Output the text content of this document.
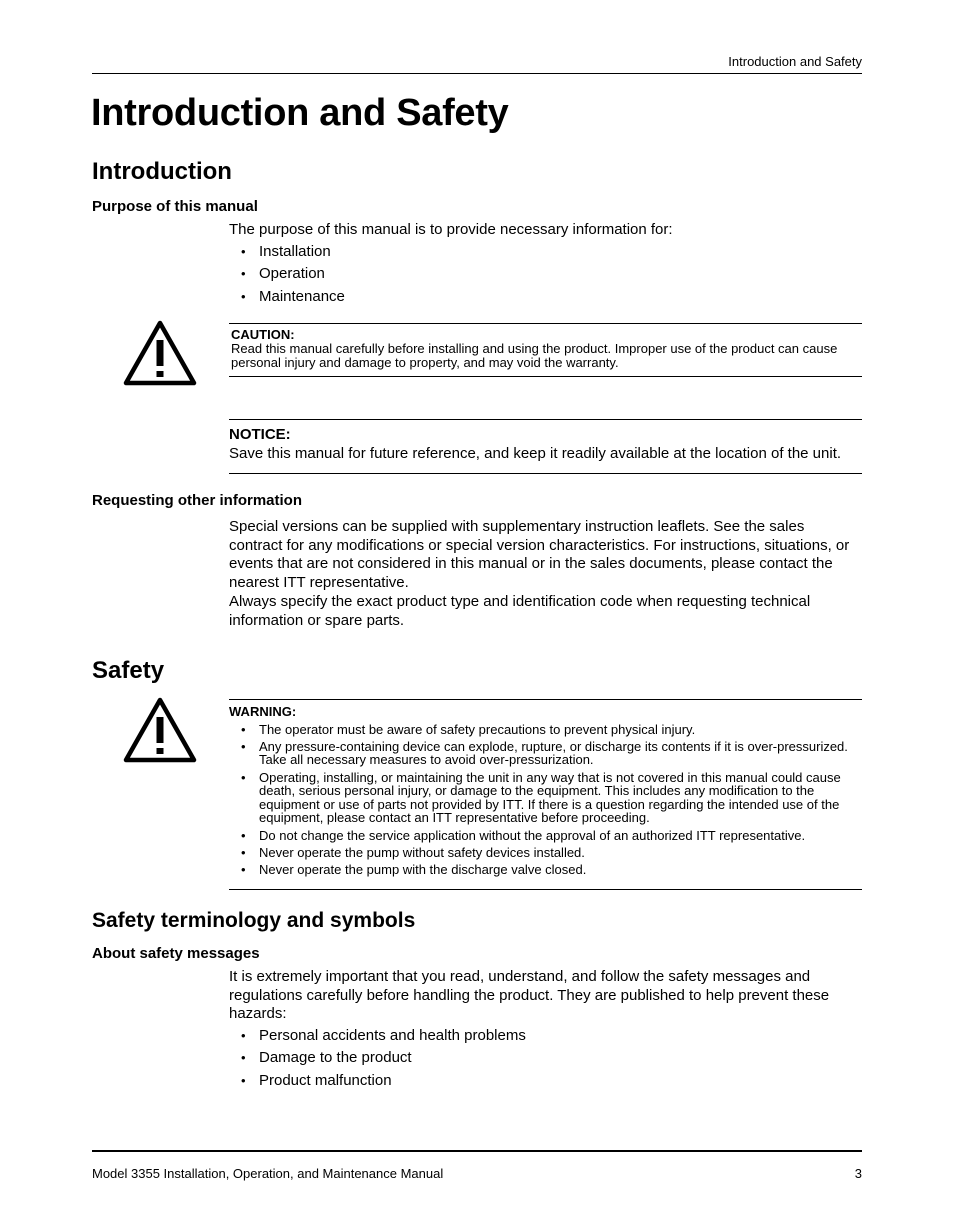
Introduction and Safety
Introduction and Safety
Introduction
Purpose of this manual
The purpose of this manual is to provide necessary information for:
• Installation
• Operation
• Maintenance
CAUTION:
Read this manual carefully before installing and using the product. Improper use of the product can cause personal injury and damage to property, and may void the warranty.
NOTICE:
Save this manual for future reference, and keep it readily available at the location of the unit.
Requesting other information
Special versions can be supplied with supplementary instruction leaflets. See the sales contract for any modifications or special version characteristics. For instructions, situations, or events that are not considered in this manual or in the sales documents, please contact the nearest ITT representative.
Always specify the exact product type and identification code when requesting technical information or spare parts.
Safety
WARNING:
• The operator must be aware of safety precautions to prevent physical injury.
• Any pressure-containing device can explode, rupture, or discharge its contents if it is over-pressurized. Take all necessary measures to avoid over-pressurization.
• Operating, installing, or maintaining the unit in any way that is not covered in this manual could cause death, serious personal injury, or damage to the equipment. This includes any modification to the equipment or use of parts not provided by ITT. If there is a question regarding the intended use of the equipment, please contact an ITT representative before proceeding.
• Do not change the service application without the approval of an authorized ITT representative.
• Never operate the pump without safety devices installed.
• Never operate the pump with the discharge valve closed.
Safety terminology and symbols
About safety messages
It is extremely important that you read, understand, and follow the safety messages and regulations carefully before handling the product. They are published to help prevent these hazards:
• Personal accidents and health problems
• Damage to the product
• Product malfunction
Model 3355 Installation, Operation, and Maintenance Manual	3
